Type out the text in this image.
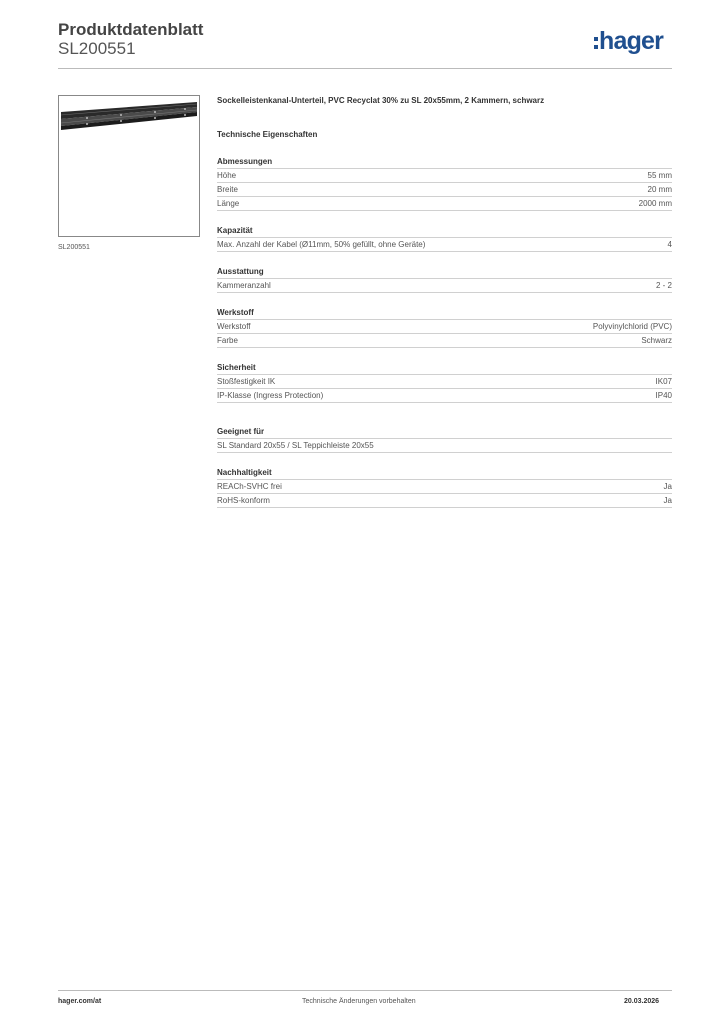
Produktdatenblatt
SL200551	hager
SL200551
Sockelleistenkanal-Unterteil, PVC Recyclat 30% zu SL 20x55mm, 2 Kammern, schwarz
Technische Eigenschaften
Abmessungen
Höhe	55 mm
Breite	20 mm
Länge	2000 mm
Kapazität
Max. Anzahl der Kabel (Ø11mm, 50% gefüllt, ohne Geräte)	4
Ausstattung
Kammeranzahl	2 - 2
Werkstoff
Werkstoff	Polyvinylchlorid (PVC)
Farbe	Schwarz
Sicherheit
Stoßfestigkeit IK	IK07
IP-Klasse (Ingress Protection)	IP40
Geeignet für
SL Standard 20x55 / SL Teppichleiste 20x55
Nachhaltigkeit
REACh-SVHC frei	Ja
RoHS-konform	Ja
hager.com/at	Technische Änderungen vorbehalten	20.03.2026
